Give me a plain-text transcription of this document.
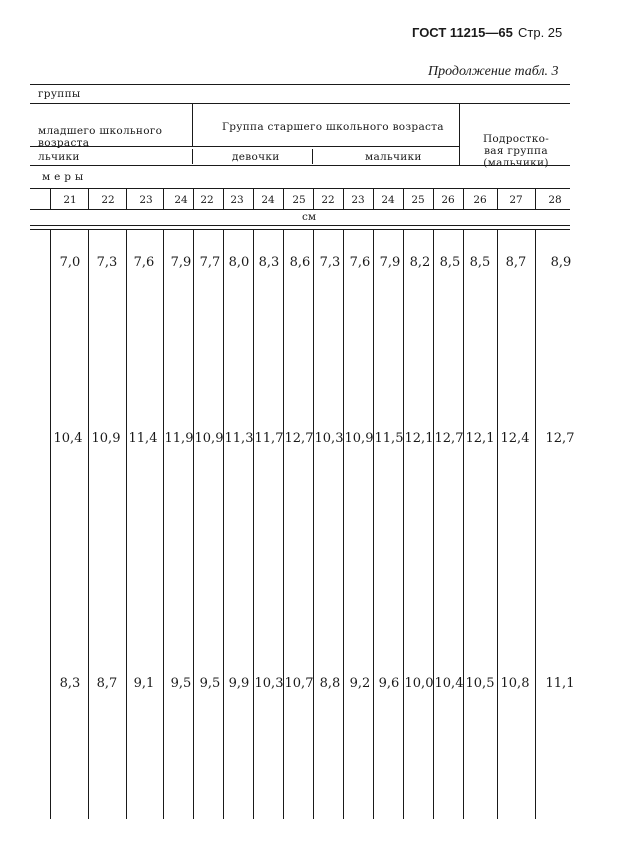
ГОСТ 11215—65 Стр. 25
Продолжение табл. 3
группы

младшего школьного
возраста

Группа старшего школьного возраста

Подростко-
вая группа
(мальчики)

льчики	девочки	мальчики
м е р ы
21	22	23	24	22	23	24	25	22	23	24	25	26	26	27	28
см
7,0	7,3	7,6	7,9 7,7 8,0 8,3 8,6 7,3 7,6 7,9 8,2 8,5 8,5	8,7	8,9
10,4 10,9 11,4 11,9 10,9 11,3 11,7 12,7 10,3 10,9 11,5 12,1 12,7 12,1 12,4	12,7
8,3	8,7	9,1	9,5 9,5 9,9 10,3 10,7 8,8 9,2 9,6 10,0 10,4 10,5 10,8	11,1
